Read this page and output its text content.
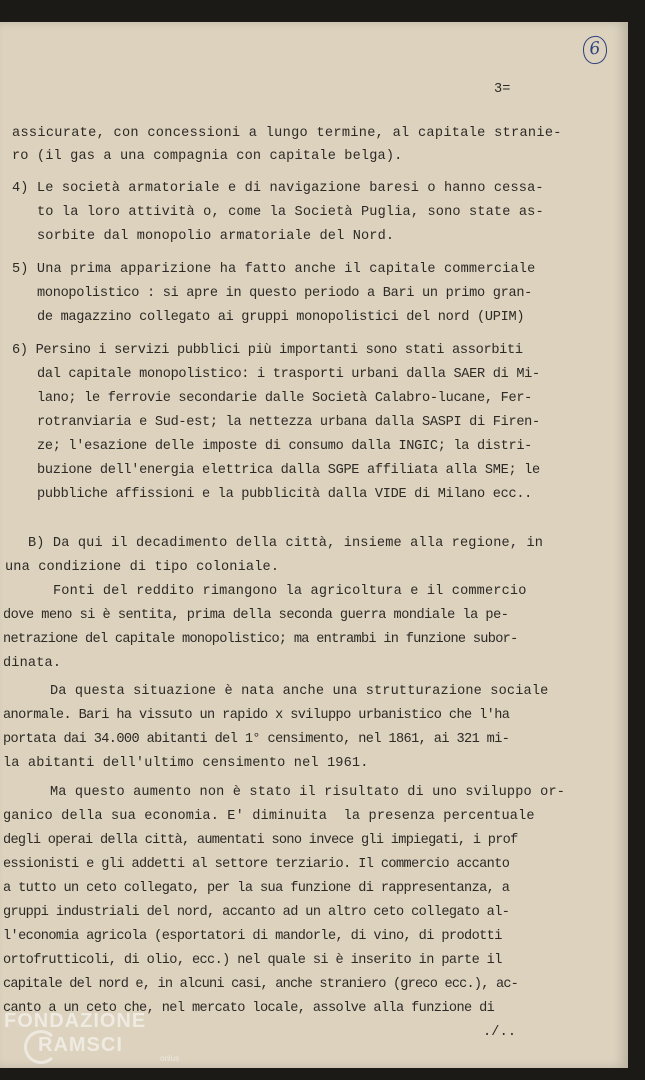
6
3=
assicurate, con concessioni a lungo termine, al capitale stranie-
ro (il gas a una compagnia con capitale belga).
4) Le società armatoriale e di navigazione baresi o hanno cessa-
to la loro attività o, come la Società Puglia, sono state as-
sorbite dal monopolio armatoriale del Nord.
5) Una prima apparizione ha fatto anche il capitale commerciale
monopolistico : si apre in questo periodo a Bari un primo gran-
de magazzino collegato ai gruppi monopolistici del nord (UPIM)
6) Persino i servizi pubblici più importanti sono stati assorbiti
dal capitale monopolistico: i trasporti urbani dalla SAER di Mi-
lano; le ferrovie secondarie dalle Società Calabro-lucane, Fer-
rotranviaria e Sud-est; la nettezza urbana dalla SASPI di Firen-
ze; l'esazione delle imposte di consumo dalla INGIC; la distri-
buzione dell'energia elettrica dalla SGPE affiliata alla SME; le
pubbliche affissioni e la pubblicità dalla VIDE di Milano ecc..
B) Da qui il decadimento della città, insieme alla regione, in
una condizione di tipo coloniale.
Fonti del reddito rimangono la agricoltura e il commercio
dove meno si è sentita, prima della seconda guerra mondiale la pe-
netrazione del capitale monopolistico; ma entrambi in funzione subor-
dinata.
Da questa situazione è nata anche una strutturazione sociale
anormale. Bari ha vissuto un rapido x sviluppo urbanistico che l'ha
portata dai 34.000 abitanti del 1° censimento, nel 1861, ai 321 mi-
la abitanti dell'ultimo censimento nel 1961.
Ma questo aumento non è stato il risultato di uno sviluppo or-
ganico della sua economia. E' diminuita  la presenza percentuale
degli operai della città, aumentati sono invece gli impiegati, i prof
essionisti e gli addetti al settore terziario. Il commercio accanto
a tutto un ceto collegato, per la sua funzione di rappresentanza, a
gruppi industriali del nord, accanto ad un altro ceto collegato al-
l'economia agricola (esportatori di mandorle, di vino, di prodotti
ortofrutticoli, di olio, ecc.) nel quale si è inserito in parte il
capitale del nord e, in alcuni casi, anche straniero (greco ecc.), ac-
canto a un ceto che, nel mercato locale, assolve alla funzione di
./..
FONDAZIONE
RAMSCI
onlus
